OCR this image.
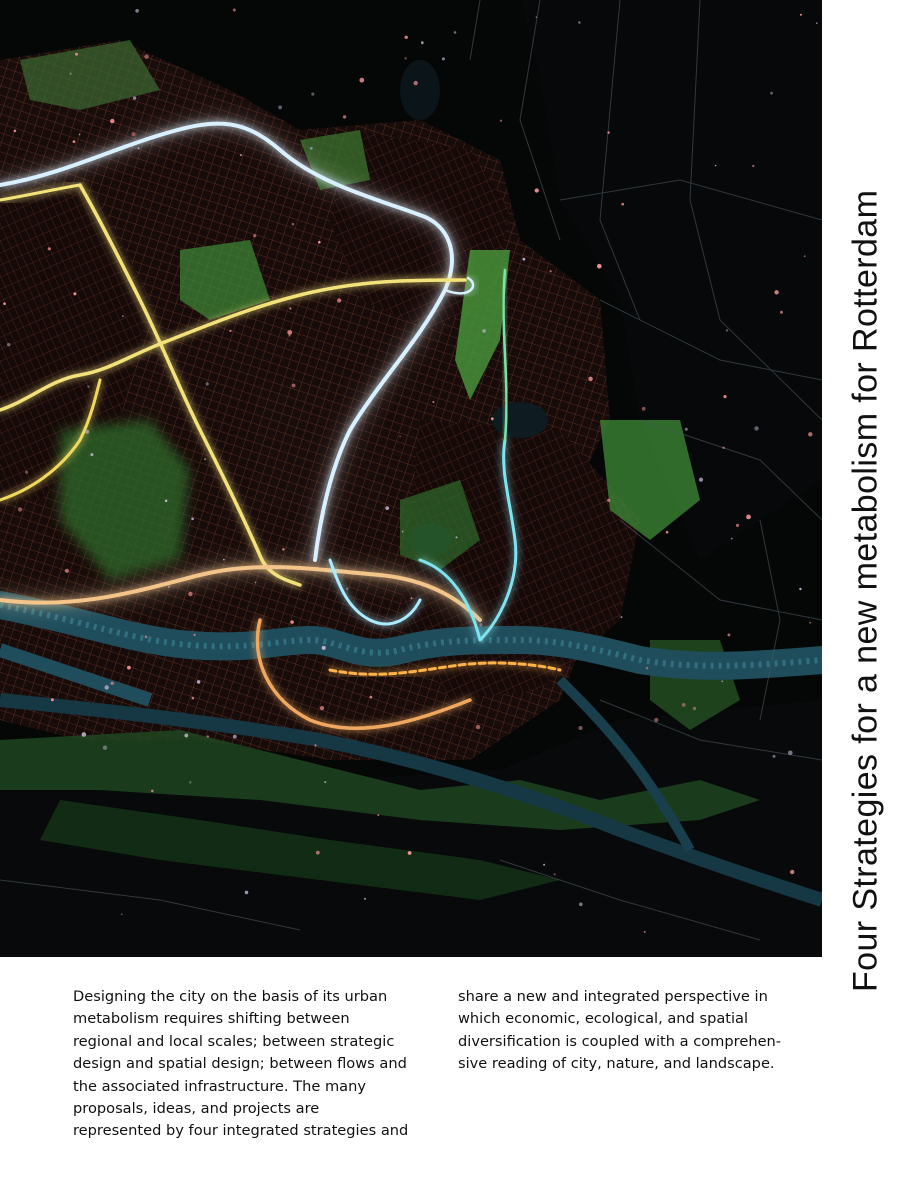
Four Strategies for a new metabolism for Rotterdam

Designing the city on the basis of its urban
metabolism requires shifting between
regional and local scales; between strategic
design and spatial design; between flows and
the associated infrastructure. The many
proposals, ideas, and projects are
represented by four integrated strategies and

share a new and integrated perspective in
which economic, ecological, and spatial
diversification is coupled with a comprehen-
sive reading of city, nature, and landscape.
